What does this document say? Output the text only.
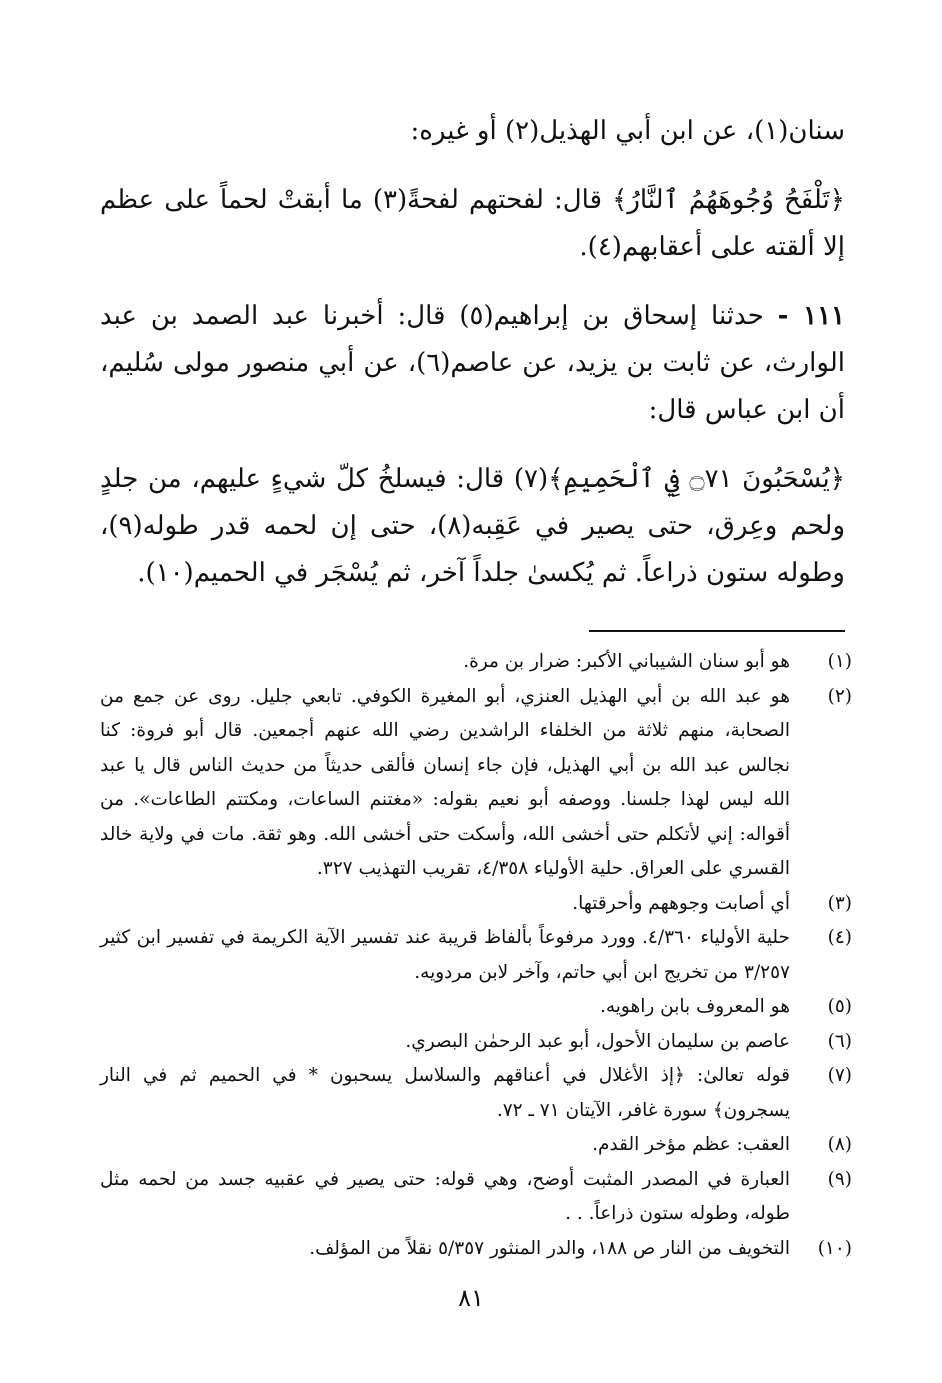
سنان(١)، عن ابن أبي الهذيل(٢) أو غيره:

﴿تَلْفَحُ وُجُوهَهُمُ ٱلنَّارُ﴾ قال: لفحتهم لفحةً(٣) ما أبقتْ لحماً على عظم إلا ألقته على أعقابهم(٤).

١١١ - حدثنا إسحاق بن إبراهيم(٥) قال: أخبرنا عبد الصمد بن عبد الوارث، عن ثابت بن يزيد، عن عاصم(٦)، عن أبي منصور مولى سُليم، أن ابن عباس قال:

﴿يُسْحَبُونَ ۝٧١ فِي ٱلْحَمِيمِ﴾(٧) قال: فيسلخُ كلّ شيءٍ عليهم، من جلدٍ ولحم وعِرق، حتى يصير في عَقِبه(٨)، حتى إن لحمه قدر طوله(٩)، وطوله ستون ذراعاً. ثم يُكسىٰ جلداً آخر، ثم يُسْجَر في الحميم(١٠).

(١)
هو أبو سنان الشيباني الأكبر: ضرار بن مرة.
(٢)
هو عبد الله بن أبي الهذيل العنزي، أبو المغيرة الكوفي. تابعي جليل. روى عن جمع من الصحابة، منهم ثلاثة من الخلفاء الراشدين رضي الله عنهم أجمعين. قال أبو فروة: كنا نجالس عبد الله بن أبي الهذيل، فإن جاء إنسان فألقى حديثاً من حديث الناس قال يا عبد الله ليس لهذا جلسنا. ووصفه أبو نعيم بقوله: «مغتنم الساعات، ومكتتم الطاعات». من أقواله: إني لأتكلم حتى أخشى الله، وأسكت حتى أخشى الله. وهو ثقة. مات في ولاية خالد القسري على العراق. حلية الأولياء ٤/٣٥٨، تقريب التهذيب ٣٢٧.
(٣)
أي أصابت وجوههم وأحرقتها.
(٤)
حلية الأولياء ٤/٣٦٠. وورد مرفوعاً بألفاظ قريبة عند تفسير الآية الكريمة في تفسير ابن كثير ٣/٢٥٧ من تخريج ابن أبي حاتم، وآخر لابن مردويه.
(٥)
هو المعروف بابن راهويه.
(٦)
عاصم بن سليمان الأحول، أبو عبد الرحمٰن البصري.
(٧)
قوله تعالىٰ: ﴿إذ الأغلال في أعناقهم والسلاسل يسحبون * في الحميم ثم في النار يسجرون﴾ سورة غافر، الآيتان ٧١ ـ ٧٢.
(٨)
العقب: عظم مؤخر القدم.
(٩)
العبارة في المصدر المثبت أوضح، وهي قوله: حتى يصير في عقبيه جسد من لحمه مثل طوله، وطوله ستون ذراعاً. . .
(١٠)
التخويف من النار ص ١٨٨، والدر المنثور ٥/٣٥٧ نقلاً من المؤلف.
٨١
